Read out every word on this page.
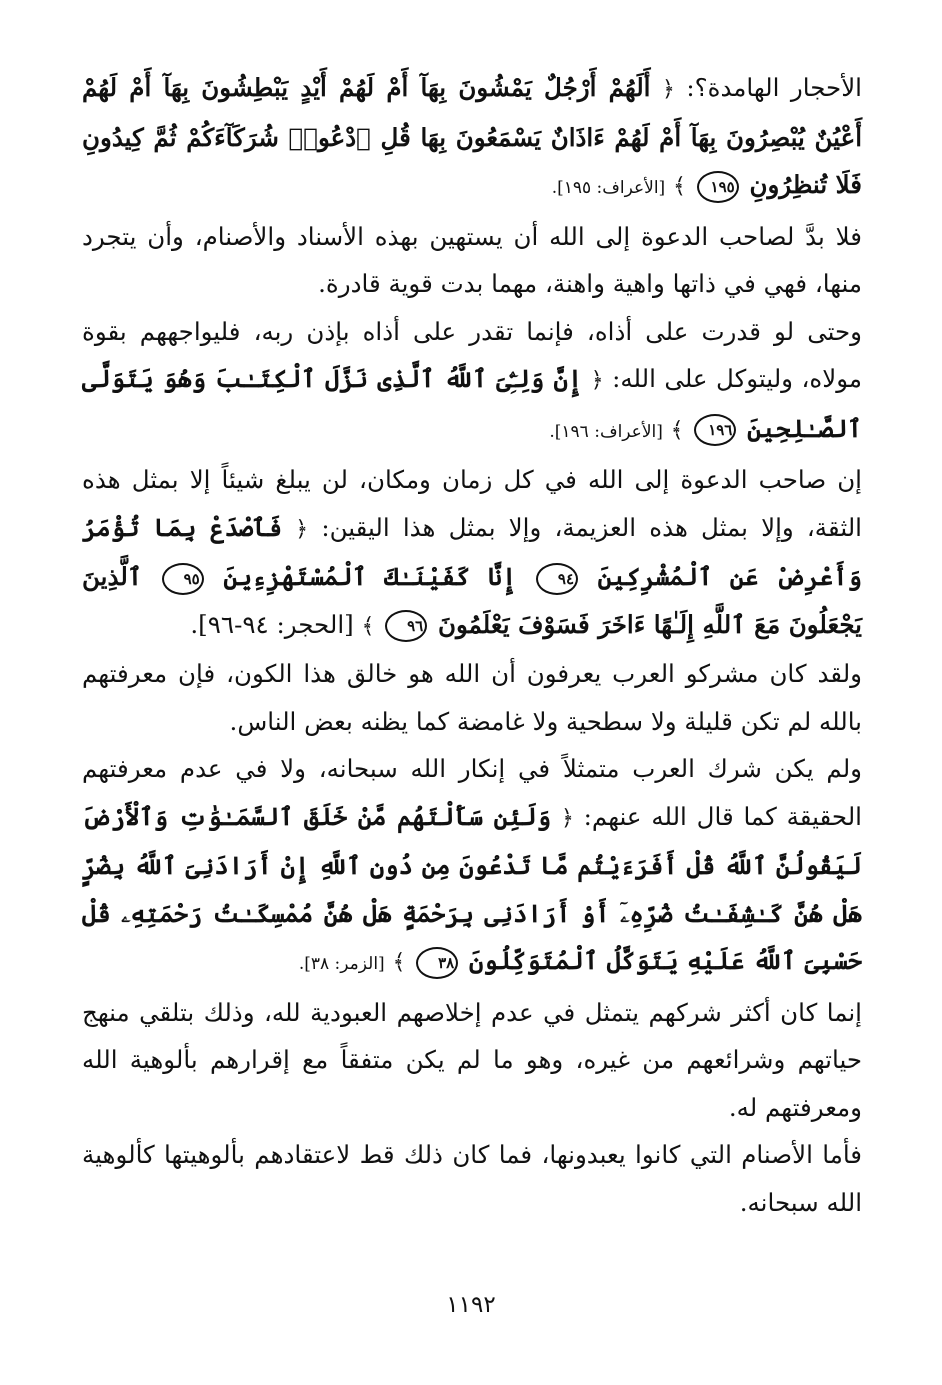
الأحجار الهامدة؟: ﴿ أَلَهُمْ أَرْجُلٌ يَمْشُونَ بِهَآ أَمْ لَهُمْ أَيْدٍ يَبْطِشُونَ بِهَآ أَمْ لَهُمْ أَعْيُنٌ يُبْصِرُونَ بِهَآ أَمْ لَهُمْ ءَاذَانٌ يَسْمَعُونَ بِهَا قُلِ ٱدْعُوا۟ شُرَكَآءَكُمْ ثُمَّ كِيدُونِ فَلَا تُنظِرُونِ ١٩٥ ﴾ [الأعراف: ١٩٥].

فلا بدَّ لصاحب الدعوة إلى الله أن يستهين بهذه الأسناد والأصنام، وأن يتجرد منها، فهي في ذاتها واهية واهنة، مهما بدت قوية قادرة.

وحتى لو قدرت على أذاه، فإنما تقدر على أذاه بإذن ربه، فليواجههم بقوة مولاه، وليتوكل على الله: ﴿ إِنَّ وَلِـِّۧىَ ٱللَّهُ ٱلَّذِى نَزَّلَ ٱلْكِتَـٰبَ وَهُوَ يَتَوَلَّى ٱلصَّـٰلِحِينَ ١٩٦ ﴾ [الأعراف: ١٩٦].

إن صاحب الدعوة إلى الله في كل زمان ومكان، لن يبلغ شيئاً إلا بمثل هذه الثقة، وإلا بمثل هذه العزيمة، وإلا بمثل هذا اليقين: ﴿ فَٱصْدَعْ بِمَا تُؤْمَرُ وَأَعْرِضْ عَنِ ٱلْمُشْرِكِينَ ٩٤ إِنَّا كَفَيْنَـٰكَ ٱلْمُسْتَهْزِءِينَ ٩٥ ٱلَّذِينَ يَجْعَلُونَ مَعَ ٱللَّهِ إِلَـٰهًا ءَاخَرَ فَسَوْفَ يَعْلَمُونَ ٩٦ ﴾ [الحجر: ٩٤-٩٦].

ولقد كان مشركو العرب يعرفون أن الله هو خالق هذا الكون، فإن معرفتهم بالله لم تكن قليلة ولا سطحية ولا غامضة كما يظنه بعض الناس.

ولم يكن شرك العرب متمثلاً في إنكار الله سبحانه، ولا في عدم معرفتهم الحقيقة كما قال الله عنهم: ﴿ وَلَئِن سَأَلْتَهُم مَّنْ خَلَقَ ٱلسَّمَـٰوَٰتِ وَٱلْأَرْضَ لَيَقُولُنَّ ٱللَّهُ قُلْ أَفَرَءَيْتُم مَّا تَدْعُونَ مِن دُونِ ٱللَّهِ إِنْ أَرَادَنِىَ ٱللَّهُ بِضُرٍّ هَلْ هُنَّ كَـٰشِفَـٰتُ ضُرِّهِۦٓ أَوْ أَرَادَنِى بِرَحْمَةٍ هَلْ هُنَّ مُمْسِكَـٰتُ رَحْمَتِهِۦ قُلْ حَسْبِىَ ٱللَّهُ عَلَيْهِ يَتَوَكَّلُ ٱلْمُتَوَكِّلُونَ ٣٨ ﴾ [الزمر: ٣٨].

إنما كان أكثر شركهم يتمثل في عدم إخلاصهم العبودية لله، وذلك بتلقي منهج حياتهم وشرائعهم من غيره، وهو ما لم يكن متفقاً مع إقرارهم بألوهية الله ومعرفتهم له.

فأما الأصنام التي كانوا يعبدونها، فما كان ذلك قط لاعتقادهم بألوهيتها كألوهية الله سبحانه.

١١٩٢
